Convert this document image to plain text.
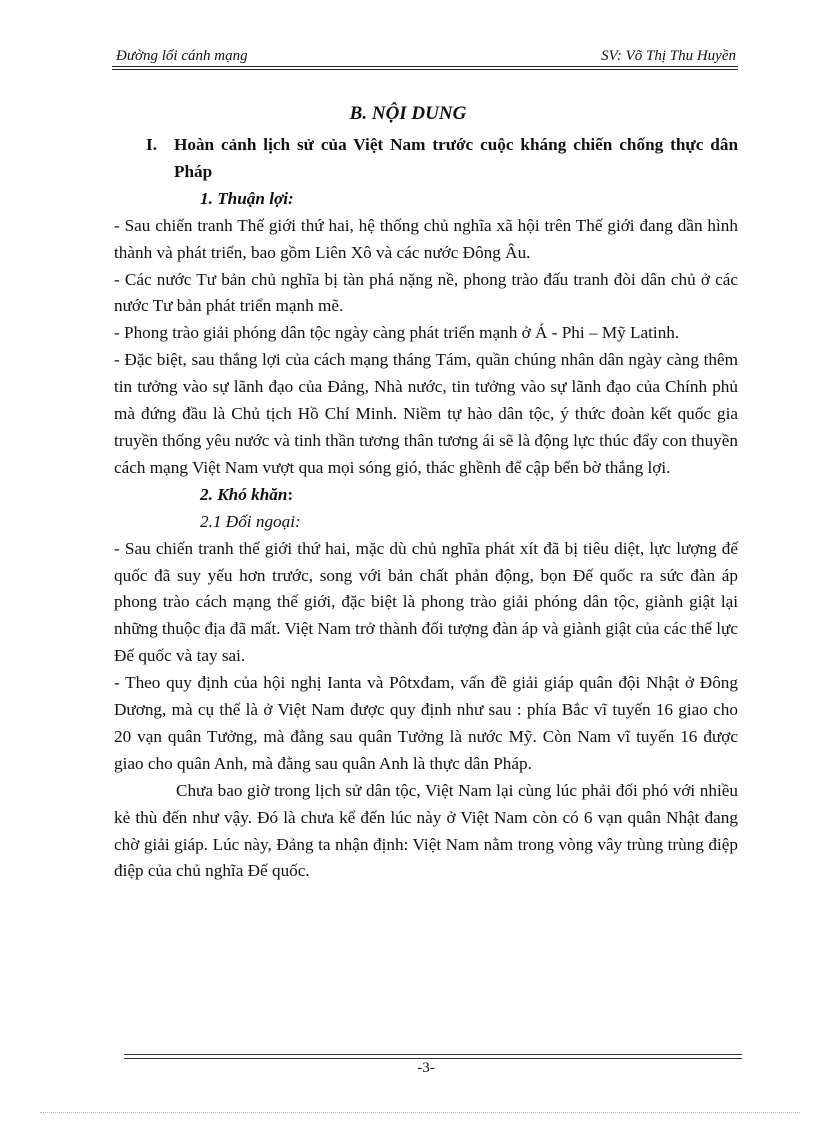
Đường lối cánh mạng	SV: Võ Thị Thu Huyền
B. NỘI DUNG

I. Hoàn cảnh lịch sử của Việt Nam trước cuộc kháng chiến chống thực dân Pháp

1. Thuận lợi:

- Sau chiến tranh Thế giới thứ hai, hệ thống chủ nghĩa xã hội trên Thế giới đang dần hình thành và phát triển, bao gồm Liên Xô và các nước Đông Âu.

- Các nước Tư bản chủ nghĩa bị tàn phá nặng nề, phong trào đấu tranh đòi dân chủ ở các nước Tư bản phát triển mạnh mẽ.

- Phong trào giải phóng dân tộc ngày càng phát triển mạnh ở Á - Phi – Mỹ Latinh.

- Đặc biệt, sau thắng lợi của cách mạng tháng Tám, quần chúng nhân dân ngày càng thêm tin tưởng vào sự lãnh đạo của Đảng, Nhà nước, tin tưởng vào sự lãnh đạo của Chính phủ mà đứng đầu là Chủ tịch Hồ Chí Minh. Niềm tự hào dân tộc, ý thức đoàn kết quốc gia truyền thống yêu nước và tinh thần tương thân tương ái sẽ là động lực thúc đẩy con thuyền cách mạng Việt Nam vượt qua mọi sóng gió, thác ghềnh để cập bến bờ thắng lợi.

2. Khó khăn:

2.1 Đối ngoại:

- Sau chiến tranh thế giới thứ hai, mặc dù chủ nghĩa phát xít đã bị tiêu diệt, lực lượng đế quốc đã suy yếu hơn trước, song với bản chất phản động, bọn Đế quốc ra sức đàn áp phong trào cách mạng thế giới, đặc biệt là phong trào giải phóng dân tộc, giành giật lại những thuộc địa đã mất. Việt Nam trở thành đối tượng đàn áp và giành giật của các thế lực Đế quốc và tay sai.

- Theo quy định của hội nghị Ianta và Pôtxđam, vấn đề giải giáp quân đội Nhật ở Đông Dương, mà cụ thể là ở Việt Nam được quy định như sau : phía Bắc vĩ tuyến 16 giao cho 20 vạn quân Tưởng, mà đằng sau quân Tưởng là nước Mỹ. Còn Nam vĩ tuyến 16 được giao cho quân Anh, mà đằng sau quân Anh là thực dân Pháp.

Chưa bao giờ trong lịch sử dân tộc, Việt Nam lại cùng lúc phải đối phó với nhiều kẻ thù đến như vậy. Đó là chưa kể đến lúc này ở Việt Nam còn có 6 vạn quân Nhật đang chờ giải giáp. Lúc này, Đảng ta nhận định: Việt Nam nằm trong vòng vây trùng trùng điệp điệp của chủ nghĩa Đế quốc.

-3-
